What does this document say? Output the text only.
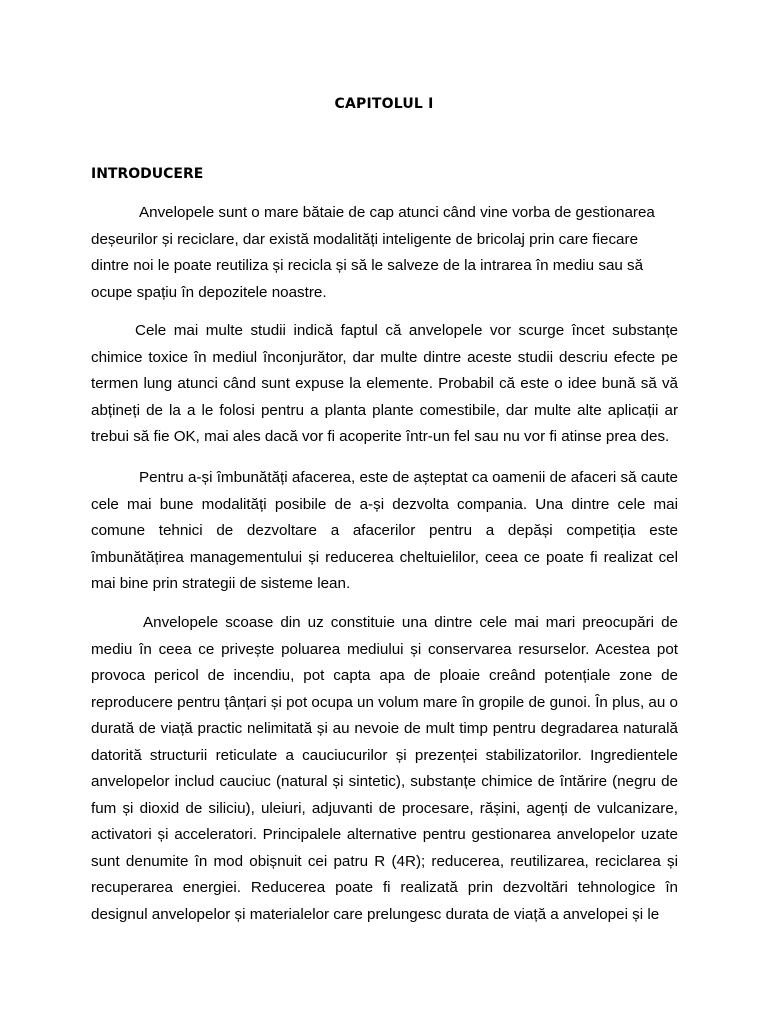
CAPITOLUL I
INTRODUCERE

Anvelopele sunt o mare bătaie de cap atunci când vine vorba de gestionarea deșeurilor și reciclare, dar există modalități inteligente de bricolaj prin care fiecare dintre noi le poate reutiliza și recicla și să le salveze de la intrarea în mediu sau să ocupe spațiu în depozitele noastre.

Cele mai multe studii indică faptul că anvelopele vor scurge încet substanțe chimice toxice în mediul înconjurător, dar multe dintre aceste studii descriu efecte pe termen lung atunci când sunt expuse la elemente. Probabil că este o idee bună să vă abțineți de la a le folosi pentru a planta plante comestibile, dar multe alte aplicații ar trebui să fie OK, mai ales dacă vor fi acoperite într-un fel sau nu vor fi atinse prea des.

Pentru a-și îmbunătăți afacerea, este de așteptat ca oamenii de afaceri să caute cele mai bune modalități posibile de a-și dezvolta compania. Una dintre cele mai comune tehnici de dezvoltare a afacerilor pentru a depăși competiția este îmbunătățirea managementului și reducerea cheltuielilor, ceea ce poate fi realizat cel mai bine prin strategii de sisteme lean.

Anvelopele scoase din uz constituie una dintre cele mai mari preocupări de mediu în ceea ce privește poluarea mediului și conservarea resurselor. Acestea pot provoca pericol de incendiu, pot capta apa de ploaie creând potențiale zone de reproducere pentru țânțari și pot ocupa un volum mare în gropile de gunoi. În plus, au o durată de viață practic nelimitată și au nevoie de mult timp pentru degradarea naturală datorită structurii reticulate a cauciucurilor și prezenței stabilizatorilor. Ingredientele anvelopelor includ cauciuc (natural și sintetic), substanțe chimice de întărire (negru de fum și dioxid de siliciu), uleiuri, adjuvanti de procesare, rășini, agenți de vulcanizare, activatori și acceleratori. Principalele alternative pentru gestionarea anvelopelor uzate sunt denumite în mod obișnuit cei patru R (4R); reducerea, reutilizarea, reciclarea și recuperarea energiei. Reducerea poate fi realizată prin dezvoltări tehnologice în designul anvelopelor și materialelor care prelungesc durata de viață a anvelopei și le
